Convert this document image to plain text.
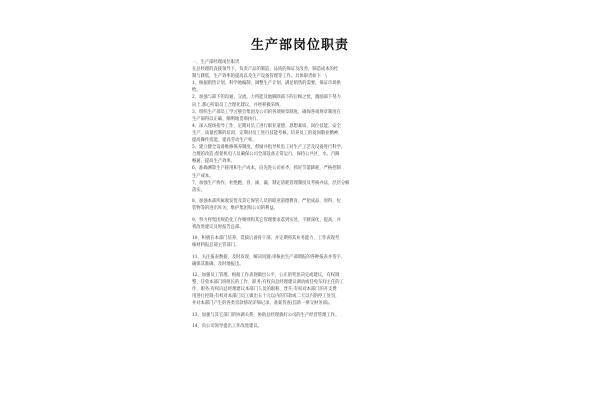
生产部岗位职责
一、生产部经理岗位职责
在总经理的直接领导下，负责产品的制造、品质的保证及改善，制造成本的控
制与降低，生产效率的提高以及生产设备管理等工作。具体职责如下：\
1、根据销售计划，科学地编制、调整生产计划，满足销售的需要，保证市场供
给。
2、加强与部下的沟通、交流，力所能及地解除部下的后顾之忧，激励部下努力
向上,那心听取员工合理化建议，并经积极采纳。
3、组织生产部员工学习够会集团及公司的各项规章制度，确保各项规章制度在
生产部得以正确、顺利地贯彻执行。
4、深入现场指导工作，定期对员工进行职业道德、思想素质、岗位技能、安全
生产、质量控制的培训，定期对员工进行技能考核，培养员工的爱岗敬业精神，
提高操作技能，提高劳动生产率。
5、建立健全设备维修保养制度，督励并指导机电工对生产工艺及设备进行科学,
合理的改造;督促机电人员确保公司全部设备正常运行，保持公共区、水、汽路
畅通、提高生产效率。
6、准确测算生产耗用和生产成本，向先进公司看齐，抓好节能降耗，严格控制
生产成本。
7、加强生产协作，杜绝跑、冒、滴、漏，制定清耗管理制度及考核办法，层层分解
落实。
8、加强本部所属收发货及其它保管人员的职业道德教育，严把成品、原料、包
装物等的进出库关，维护集团和公司的利益。
9、努力将集团规范化工作细则和其它管理要求落到实处，不断深化，提高，并
将改进建议及时报告总部。
10、积极在本部门培养、选拔后备骨干部，并定期将其业务能力，工作表现考
核材料报总部主管部门。
11、关注报表数据，及时发现、解决问题;审核由生产部填报的各种报表并签字,
确保其准确、及时地报出。
12、加强员工管理，根据工作表现做出公平、公正的奖惩决定或建议，有权调
整、任免本部门班组长的工作、职务;有权向总经理建议调动或任免车间主任的工
作、职务;有权向总经理建议本部门人员的职称、晋升;有权对本部门的开支费
用进行控制;有权对本部门员工做出五十元以内的罚款或二天以内的停工处罚,
并对本部门产生的各类罚款情况详细记录，备案待查(罚款一律交财务部)。
13、加强与其它部门的协调关系，协助总经理搞好公司的生产经营管理工作。
14、向公司领导提出工作改进建议。
